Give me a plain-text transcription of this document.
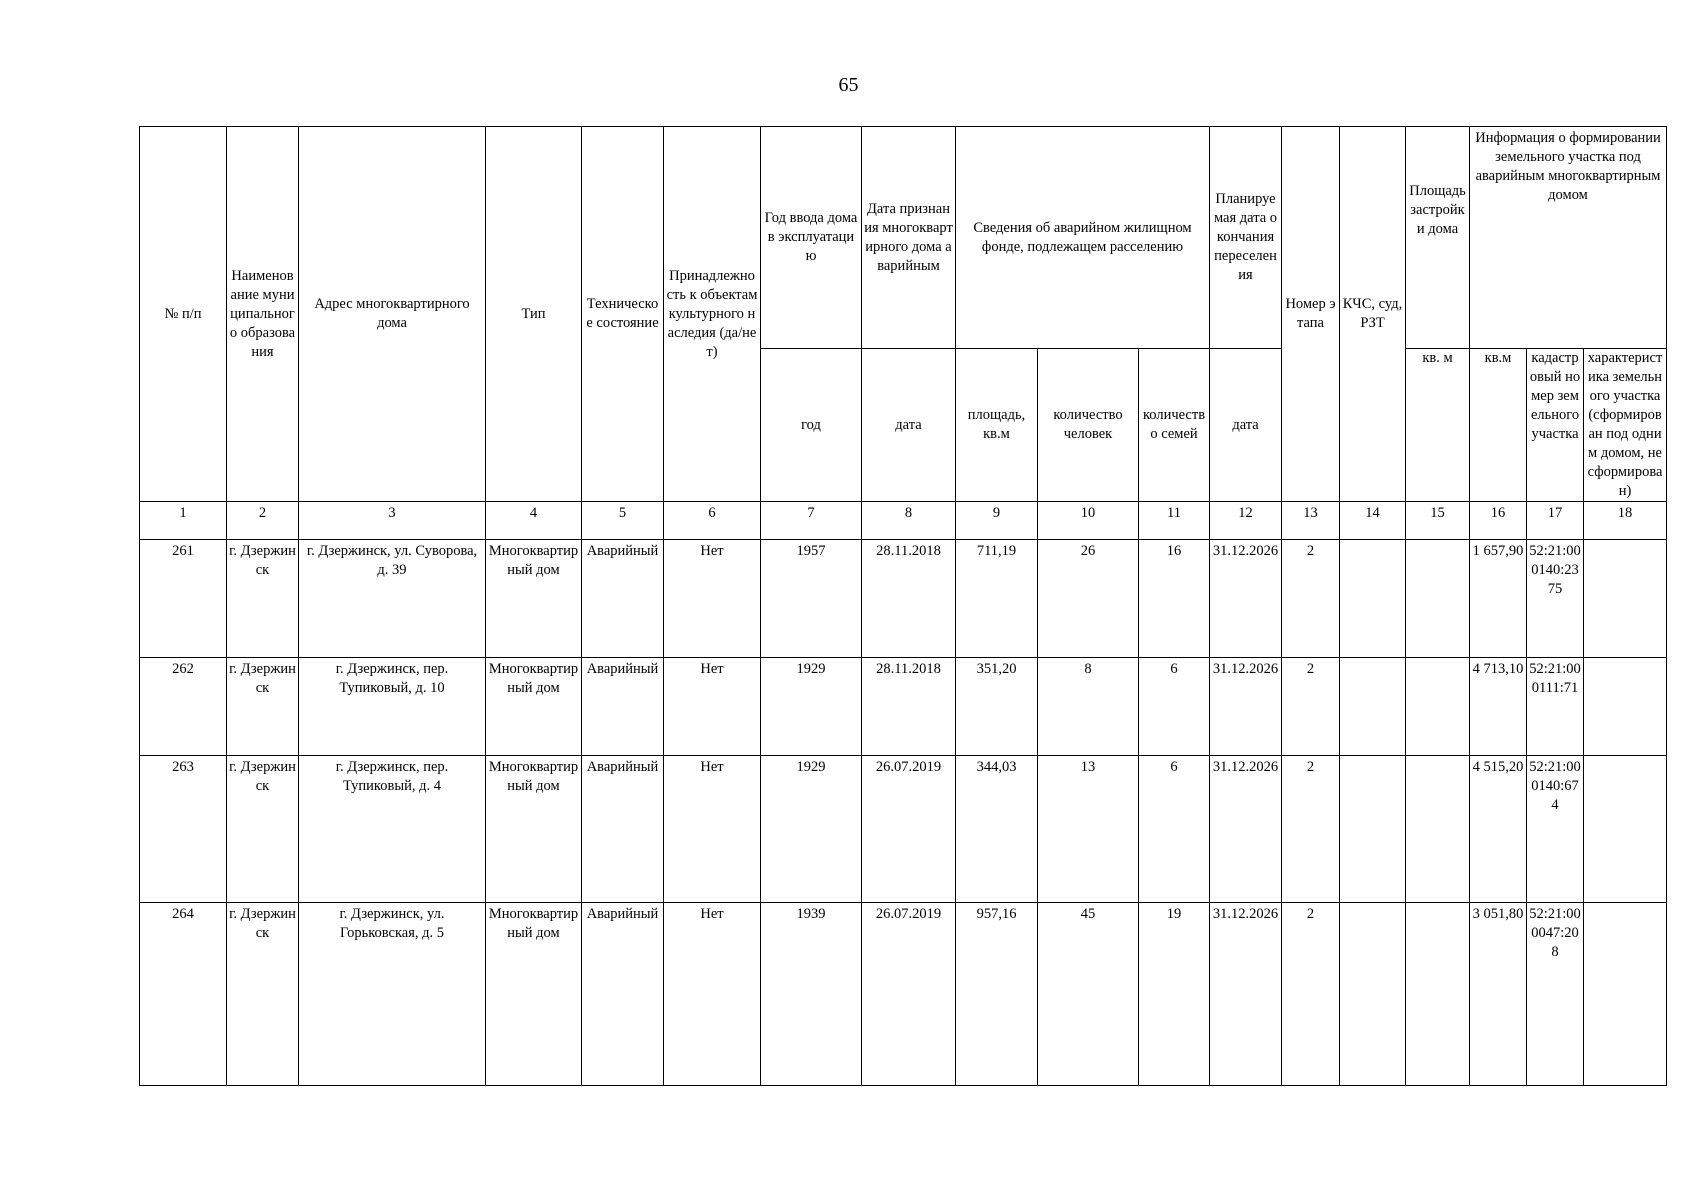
65
№ п/п	Наименование муниципального образования	Адрес многоквартирного дома	Тип	Техническое состояние	Принадлежность к объектам культурного наследия (да/нет)	Год ввода дома в эксплуатацию	Дата признания многоквартирного дома аварийным	Сведения об аварийном жилищном фонде, подлежащем расселению			Планируемая дата окончания переселения	Номер этапа	КЧС, суд, РЗТ	Площадь застройки дома	Информация о формировании земельного участка под аварийным многоквартирным домом		

						год	дата	площадь, кв.м	количество человек	количество семей	дата			кв. м	кв.м	кадастровый номер земельного участка	характеристика земельного участка (сформирован под одним домом, не сформирован)
1	2	3	4	5	6	7	8	9	10	11	12	13	14	15	16	17	18
261	г. Дзержинск	г. Дзержинск, ул. Суворова, д. 39	Многоквартирный дом	Аварийный	Нет	1957	28.11.2018	711,19	26	16	31.12.2026	2			1 657,90	52:21:000140:2375	
262	г. Дзержинск	г. Дзержинск, пер. Тупиковый, д. 10	Многоквартирный дом	Аварийный	Нет	1929	28.11.2018	351,20	8	6	31.12.2026	2			4 713,10	52:21:000111:71	
263	г. Дзержинск	г. Дзержинск, пер. Тупиковый, д. 4	Многоквартирный дом	Аварийный	Нет	1929	26.07.2019	344,03	13	6	31.12.2026	2			4 515,20	52:21:000140:674	
264	г. Дзержинск	г. Дзержинск, ул. Горьковская, д. 5	Многоквартирный дом	Аварийный	Нет	1939	26.07.2019	957,16	45	19	31.12.2026	2			3 051,80	52:21:000047:208	
